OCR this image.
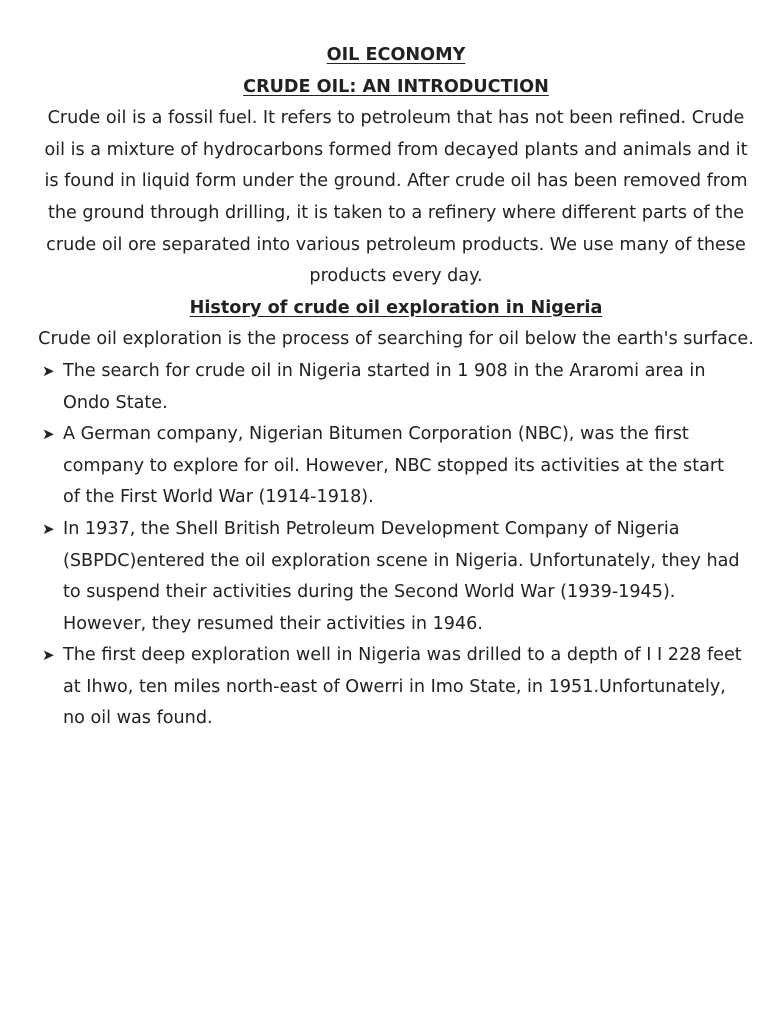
OIL ECONOMY

CRUDE OIL: AN INTRODUCTION

Crude oil is a fossil fuel. It refers to petroleum that has not been refined. Crude oil is a mixture of hydrocarbons formed from decayed plants and animals and it is found in liquid form under the ground. After crude oil has been removed from the ground through drilling, it is taken to a refinery where different parts of the crude oil ore separated into various petroleum products. We use many of these products every day.

History of crude oil exploration in Nigeria

Crude oil exploration is the process of searching for oil below the earth's surface.

➤ The search for crude oil in Nigeria started in 1 908 in the Araromi area in Ondo State.
➤ A German company, Nigerian Bitumen Corporation (NBC), was the first company to explore for oil. However, NBC stopped its activities at the start of the First World War (1914-1918).
➤ In 1937, the Shell British Petroleum Development Company of Nigeria (SBPDC)entered the oil exploration scene in Nigeria. Unfortunately, they had to suspend their activities during the Second World War (1939-1945). However, they resumed their activities in 1946.
➤ The first deep exploration well in Nigeria was drilled to a depth of I I 228 feet at Ihwo, ten miles north-east of Owerri in Imo State, in 1951.Unfortunately, no oil was found.
